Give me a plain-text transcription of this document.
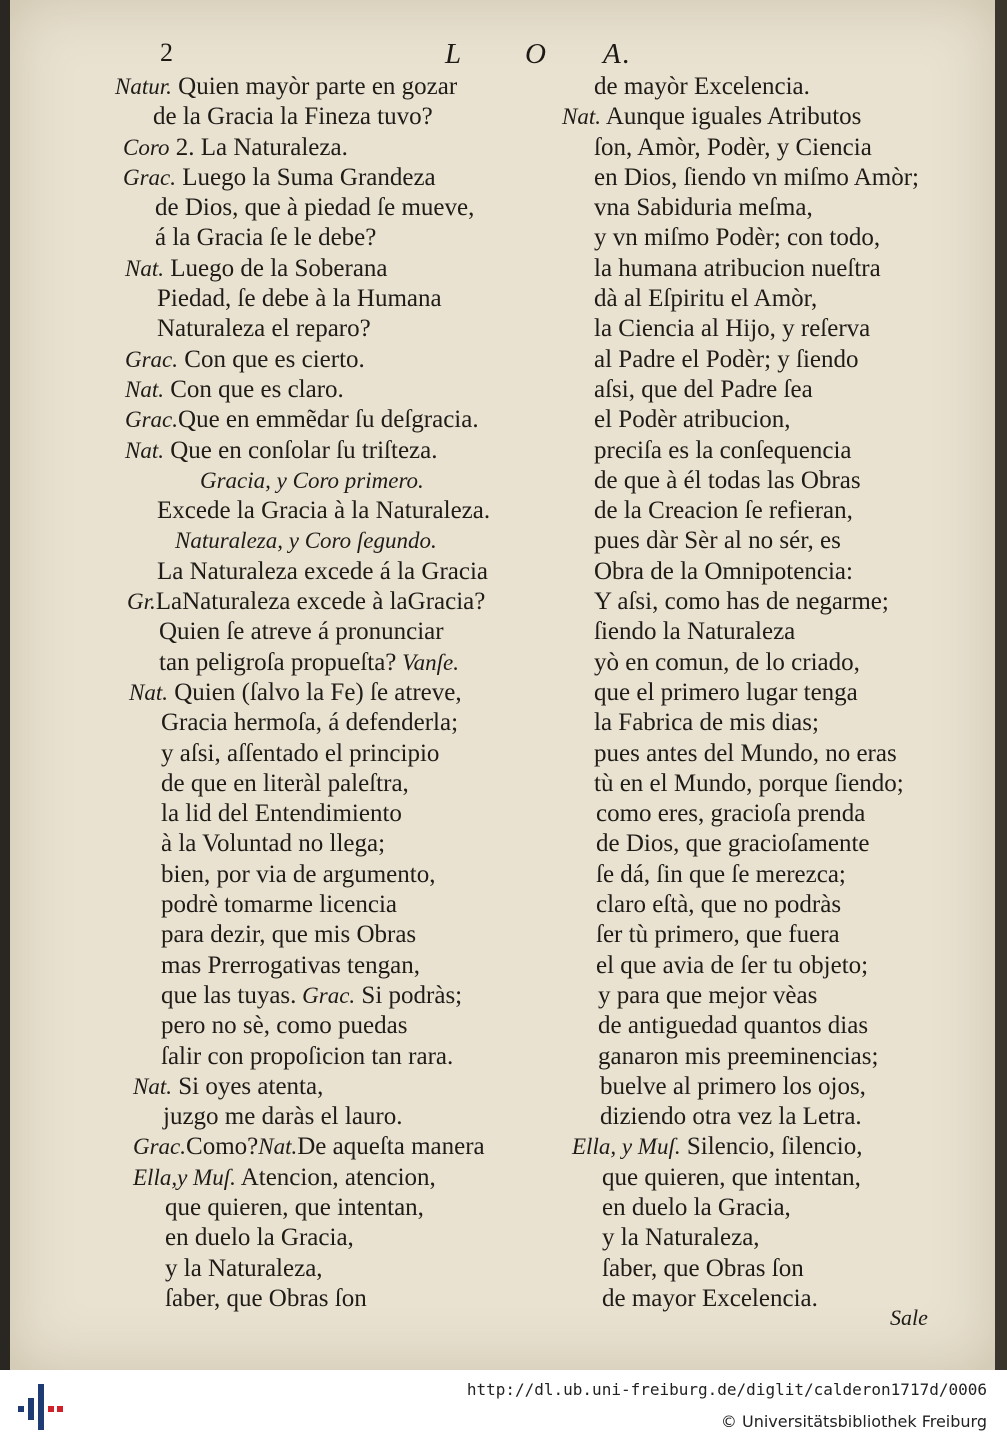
2	L O A.
Natur. Quien mayòr parte en gozar
de la Gracia la Fineza tuvo?
Coro 2. La Naturaleza.
Grac. Luego la Suma Grandeza
de Dios, que à piedad ſe mueve,
á la Gracia ſe le debe?
Nat. Luego de la Soberana
Piedad, ſe debe à la Humana
Naturaleza el reparo?
Grac. Con que es cierto.
Nat. Con que es claro.
Grac.Que en emmẽdar ſu deſgracia.
Nat. Que en conſolar ſu triſteza.
Gracia, y Coro primero.
Excede la Gracia à la Naturaleza.
Naturaleza, y Coro ſegundo.
La Naturaleza excede á la Gracia
Gr.LaNaturaleza excede à laGracia?
Quien ſe atreve á pronunciar
tan peligroſa propueſta? Vanſe.
Nat. Quien (ſalvo la Fe) ſe atreve,
Gracia hermoſa, á defenderla;
y aſsi, aſſentado el principio
de que en literàl paleſtra,
la lid del Entendimiento
à la Voluntad no llega;
bien, por via de argumento,
podrè tomarme licencia
para dezir, que mis Obras
mas Prerrogativas tengan,
que las tuyas. Grac. Si podràs;
pero no sè, como puedas
ſalir con propoſicion tan rara.
Nat. Si oyes atenta,
juzgo me daràs el lauro.
Grac.Como?Nat.De aqueſta manera
Ella,y Muſ. Atencion, atencion,
que quieren, que intentan,
en duelo la Gracia,
y la Naturaleza,
ſaber, que Obras ſon
de mayòr Excelencia.
Nat. Aunque iguales Atributos
ſon, Amòr, Podèr, y Ciencia
en Dios, ſiendo vn miſmo Amòr;
vna Sabiduria meſma,
y vn miſmo Podèr; con todo,
la humana atribucion nueſtra
dà al Eſpiritu el Amòr,
la Ciencia al Hijo, y reſerva
al Padre el Podèr; y ſiendo
aſsi, que del Padre ſea
el Podèr atribucion,
preciſa es la conſequencia
de que à él todas las Obras
de la Creacion ſe refieran,
pues dàr Sèr al no sér, es
Obra de la Omnipotencia:
Y aſsi, como has de negarme;
ſiendo la Naturaleza
yò en comun, de lo criado,
que el primero lugar tenga
la Fabrica de mis dias;
pues antes del Mundo, no eras
tù en el Mundo, porque ſiendo;
como eres, gracioſa prenda
de Dios, que gracioſamente
ſe dá, ſin que ſe merezca;
claro eſtà, que no podràs
ſer tù primero, que fuera
el que avia de ſer tu objeto;
y para que mejor vèas
de antiguedad quantos dias
ganaron mis preeminencias;
buelve al primero los ojos,
diziendo otra vez la Letra.
Ella, y Muſ. Silencio, ſilencio,
que quieren, que intentan,
en duelo la Gracia,
y la Naturaleza,
ſaber, que Obras ſon
de mayor Excelencia.
Sale
http://dl.ub.uni-freiburg.de/diglit/calderon1717d/0006
© Universitätsbibliothek Freiburg
